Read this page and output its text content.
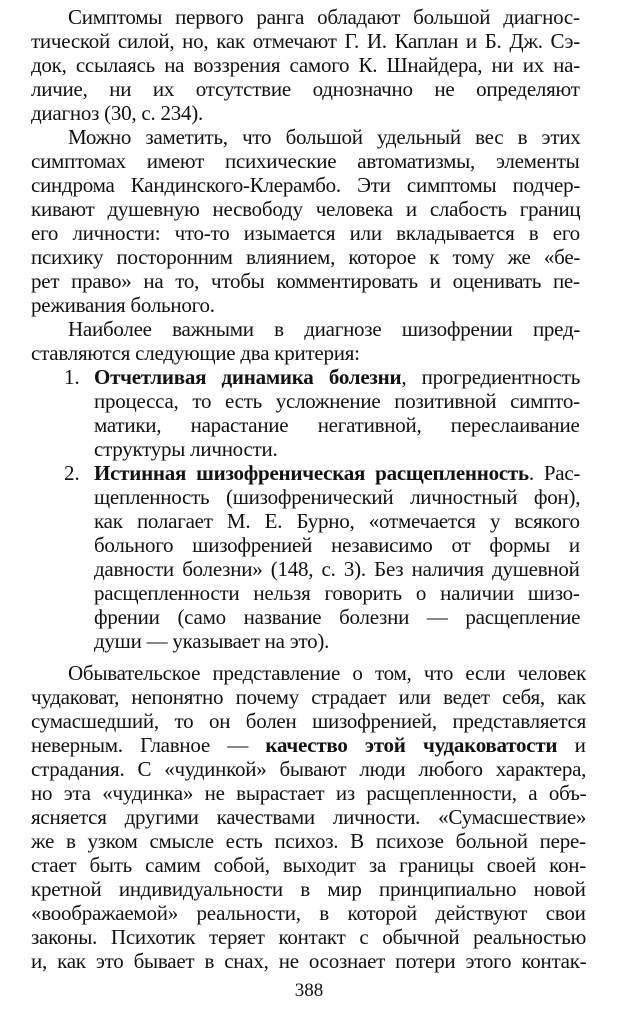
Симптомы первого ранга обладают большой диагнос-
тической силой, но, как отмечают Г. И. Каплан и Б. Дж. Сэ-
док, ссылаясь на воззрения самого К. Шнайдера, ни их на-
личие, ни их отсутствие однозначно не определяют
диагноз (30, с. 234).
Можно заметить, что большой удельный вес в этих
симптомах имеют психические автоматизмы, элементы
синдрома Кандинского-Клерамбо. Эти симптомы подчер-
кивают душевную несвободу человека и слабость границ
его личности: что-то изымается или вкладывается в его
психику посторонним влиянием, которое к тому же «бе-
рет право» на то, чтобы комментировать и оценивать пе-
реживания больного.
Наиболее важными в диагнозе шизофрении пред-
ставляются следующие два критерия:
1. Отчетливая динамика болезни, прогредиентность
процесса, то есть усложнение позитивной симпто-
матики, нарастание негативной, переслаивание
структуры личности.
2. Истинная шизофреническая расщепленность. Рас-
щепленность (шизофренический личностный фон),
как полагает М. Е. Бурно, «отмечается у всякого
больного шизофренией независимо от формы и
давности болезни» (148, с. 3). Без наличия душевной
расщепленности нельзя говорить о наличии шизо-
френии (само название болезни — расщепление
души — указывает на это).
Обывательское представление о том, что если человек
чудаковат, непонятно почему страдает или ведет себя, как
сумасшедший, то он болен шизофренией, представляется
неверным. Главное — качество этой чудаковатости и
страдания. С «чудинкой» бывают люди любого характера,
но эта «чудинка» не вырастает из расщепленности, а объ-
ясняется другими качествами личности. «Сумасшествие»
же в узком смысле есть психоз. В психозе больной пере-
стает быть самим собой, выходит за границы своей кон-
кретной индивидуальности в мир принципиально новой
«воображаемой» реальности, в которой действуют свои
законы. Психотик теряет контакт с обычной реальностью
и, как это бывает в снах, не осознает потери этого контак-
388
